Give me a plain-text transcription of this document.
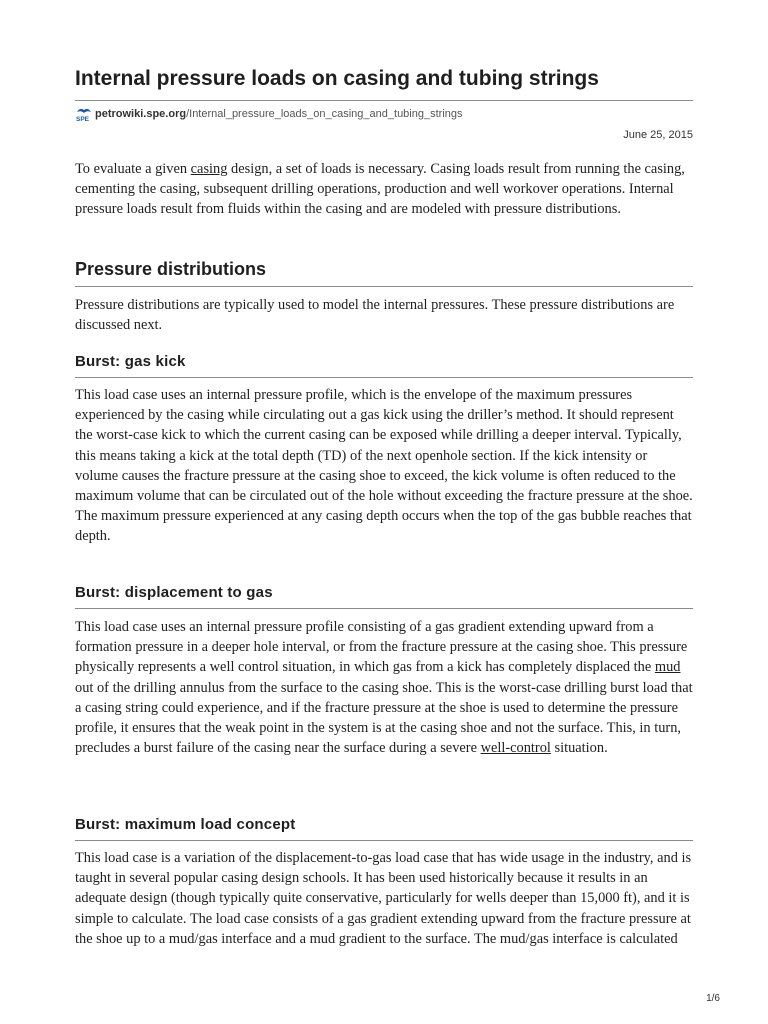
Internal pressure loads on casing and tubing strings
SPE petrowiki.spe.org /Internal_pressure_loads_on_casing_and_tubing_strings
June 25, 2015

To evaluate a given casing design, a set of loads is necessary. Casing loads result from running the casing, cementing the casing, subsequent drilling operations, production and well workover operations. Internal pressure loads result from fluids within the casing and are modeled with pressure distributions.

Pressure distributions

Pressure distributions are typically used to model the internal pressures. These pressure distributions are discussed next.

Burst: gas kick

This load case uses an internal pressure profile, which is the envelope of the maximum pressures experienced by the casing while circulating out a gas kick using the driller’s method. It should represent the worst-case kick to which the current casing can be exposed while drilling a deeper interval. Typically, this means taking a kick at the total depth (TD) of the next openhole section. If the kick intensity or volume causes the fracture pressure at the casing shoe to exceed, the kick volume is often reduced to the maximum volume that can be circulated out of the hole without exceeding the fracture pressure at the shoe. The maximum pressure experienced at any casing depth occurs when the top of the gas bubble reaches that depth.

Burst: displacement to gas

This load case uses an internal pressure profile consisting of a gas gradient extending upward from a formation pressure in a deeper hole interval, or from the fracture pressure at the casing shoe. This pressure physically represents a well control situation, in which gas from a kick has completely displaced the mud out of the drilling annulus from the surface to the casing shoe. This is the worst-case drilling burst load that a casing string could experience, and if the fracture pressure at the shoe is used to determine the pressure profile, it ensures that the weak point in the system is at the casing shoe and not the surface. This, in turn, precludes a burst failure of the casing near the surface during a severe well-control situation.

Burst: maximum load concept

This load case is a variation of the displacement-to-gas load case that has wide usage in the industry, and is taught in several popular casing design schools. It has been used historically because it results in an adequate design (though typically quite conservative, particularly for wells deeper than 15,000 ft), and it is simple to calculate. The load case consists of a gas gradient extending upward from the fracture pressure at the shoe up to a mud/gas interface and a mud gradient to the surface. The mud/gas interface is calculated

1/6
